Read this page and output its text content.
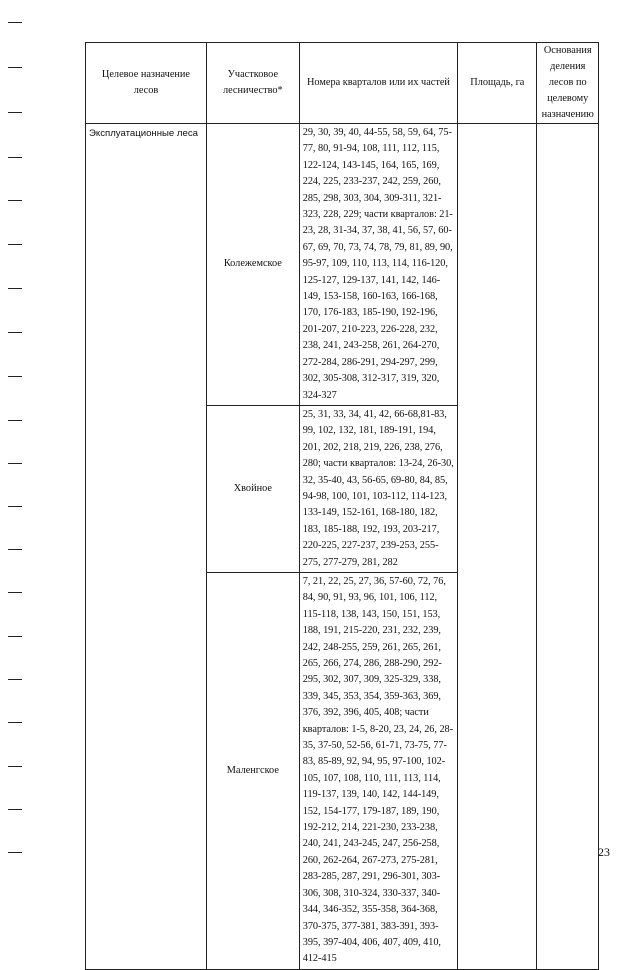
Целевое назначение лесов	Участковое лесничество*	Номера кварталов или их частей	Площадь, га	Основания деления лесов по целевому назначению
Эксплуатационные леса	Колежемское	29, 30, 39, 40, 44-55, 58, 59, 64, 75-77, 80, 91-94, 108, 111, 112, 115, 122-124, 143-145, 164, 165, 169, 224, 225, 233-237, 242, 259, 260, 285, 298, 303, 304, 309-311, 321-323, 228, 229; части кварталов: 21-23, 28, 31-34, 37, 38, 41, 56, 57, 60-67, 69, 70, 73, 74, 78, 79, 81, 89, 90, 95-97, 109, 110, 113, 114, 116-120, 125-127, 129-137, 141, 142, 146-149, 153-158, 160-163, 166-168, 170, 176-183, 185-190, 192-196, 201-207, 210-223, 226-228, 232, 238, 241, 243-258, 261, 264-270, 272-284, 286-291, 294-297, 299, 302, 305-308, 312-317, 319, 320, 324-327		
	Хвойное	25, 31, 33, 34, 41, 42, 66-68,81-83, 99, 102, 132, 181, 189-191, 194, 201, 202, 218, 219, 226, 238, 276, 280; части кварталов: 13-24, 26-30, 32, 35-40, 43, 56-65, 69-80, 84, 85, 94-98, 100, 101, 103-112, 114-123, 133-149, 152-161, 168-180, 182, 183, 185-188, 192, 193, 203-217, 220-225, 227-237, 239-253, 255-275, 277-279, 281, 282		
	Маленгское	7, 21, 22, 25, 27, 36, 57-60, 72, 76, 84, 90, 91, 93, 96, 101, 106, 112, 115-118, 138, 143, 150, 151, 153, 188, 191, 215-220, 231, 232, 239, 242, 248-255, 259, 261, 265, 261, 265, 266, 274, 286, 288-290, 292-295, 302, 307, 309, 325-329, 338, 339, 345, 353, 354, 359-363, 369, 376, 392, 396, 405, 408; части кварталов: 1-5, 8-20, 23, 24, 26, 28-35, 37-50, 52-56, 61-71, 73-75, 77-83, 85-89, 92, 94, 95, 97-100, 102-105, 107, 108, 110, 111, 113, 114, 119-137, 139, 140, 142, 144-149, 152, 154-177, 179-187, 189, 190, 192-212, 214, 221-230, 233-238, 240, 241, 243-245, 247, 256-258, 260, 262-264, 267-273, 275-281, 283-285, 287, 291, 296-301, 303-306, 308, 310-324, 330-337, 340-344, 346-352, 355-358, 364-368, 370-375, 377-381, 383-391, 393-395, 397-404, 406, 407, 409, 410, 412-415		
23
